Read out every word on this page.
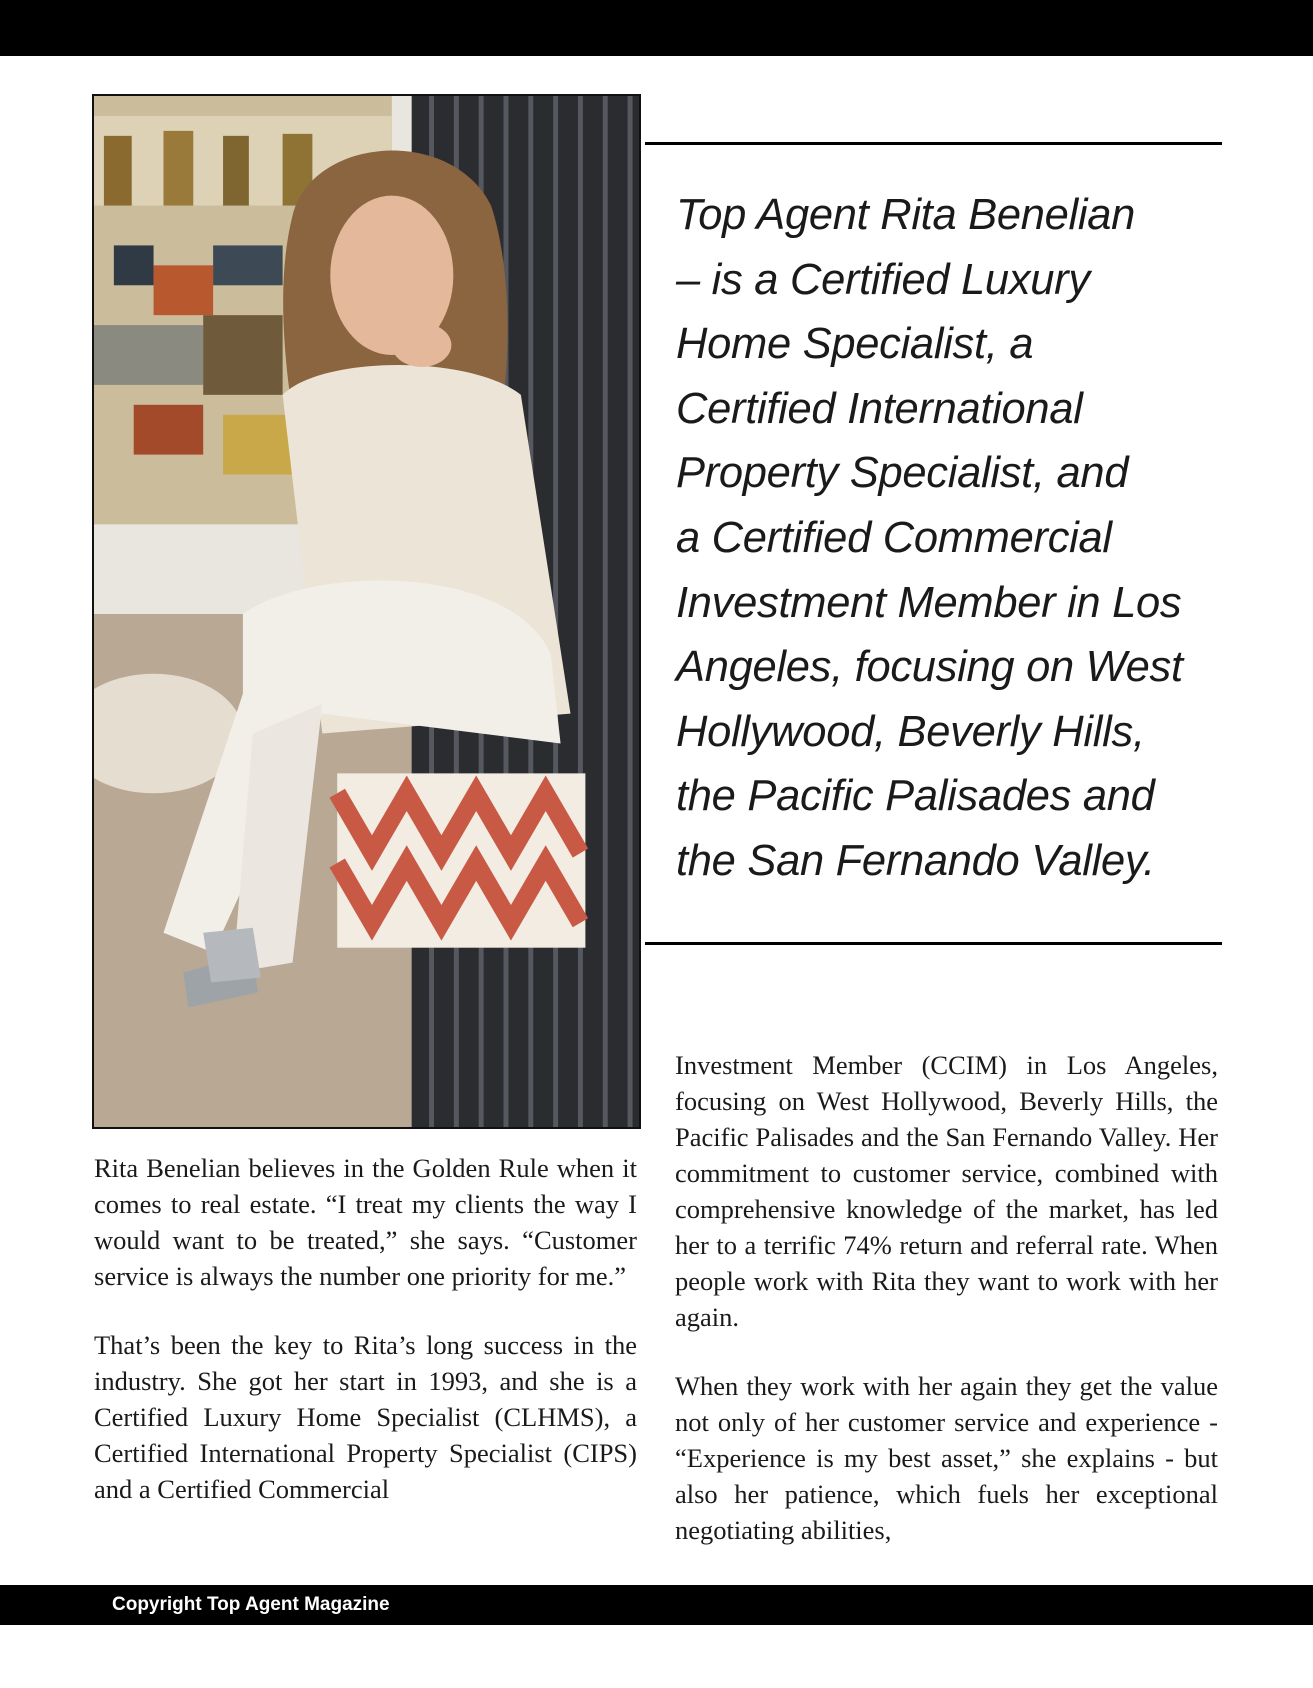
Top Agent Rita Benelian
– is a Certified Luxury
Home Specialist, a
Certified International
Property Specialist, and
a Certified Commercial
Investment Member in Los
Angeles, focusing on West
Hollywood, Beverly Hills,
the Pacific Palisades and
the San Fernando Valley.

Rita Benelian believes in the Golden Rule when it comes to real estate. “I treat my clients the way I would want to be treated,” she says. “Customer service is always the number one priority for me.”

That’s been the key to Rita’s long success in the industry. She got her start in 1993, and she is a Certified Luxury Home Specialist (CLHMS), a Certified International Property Specialist (CIPS) and a Certified Commercial

Investment Member (CCIM) in Los Angeles, focusing on West Hollywood, Beverly Hills, the Pacific Palisades and the San Fernando Valley. Her commitment to customer service, combined with comprehensive knowledge of the market, has led her to a terrific 74% return and referral rate. When people work with Rita they want to work with her again.

When they work with her again they get the value not only of her customer service and experience - “Experience is my best asset,” she explains - but also her patience, which fuels her exceptional negotiating abilities,

Copyright Top Agent Magazine
